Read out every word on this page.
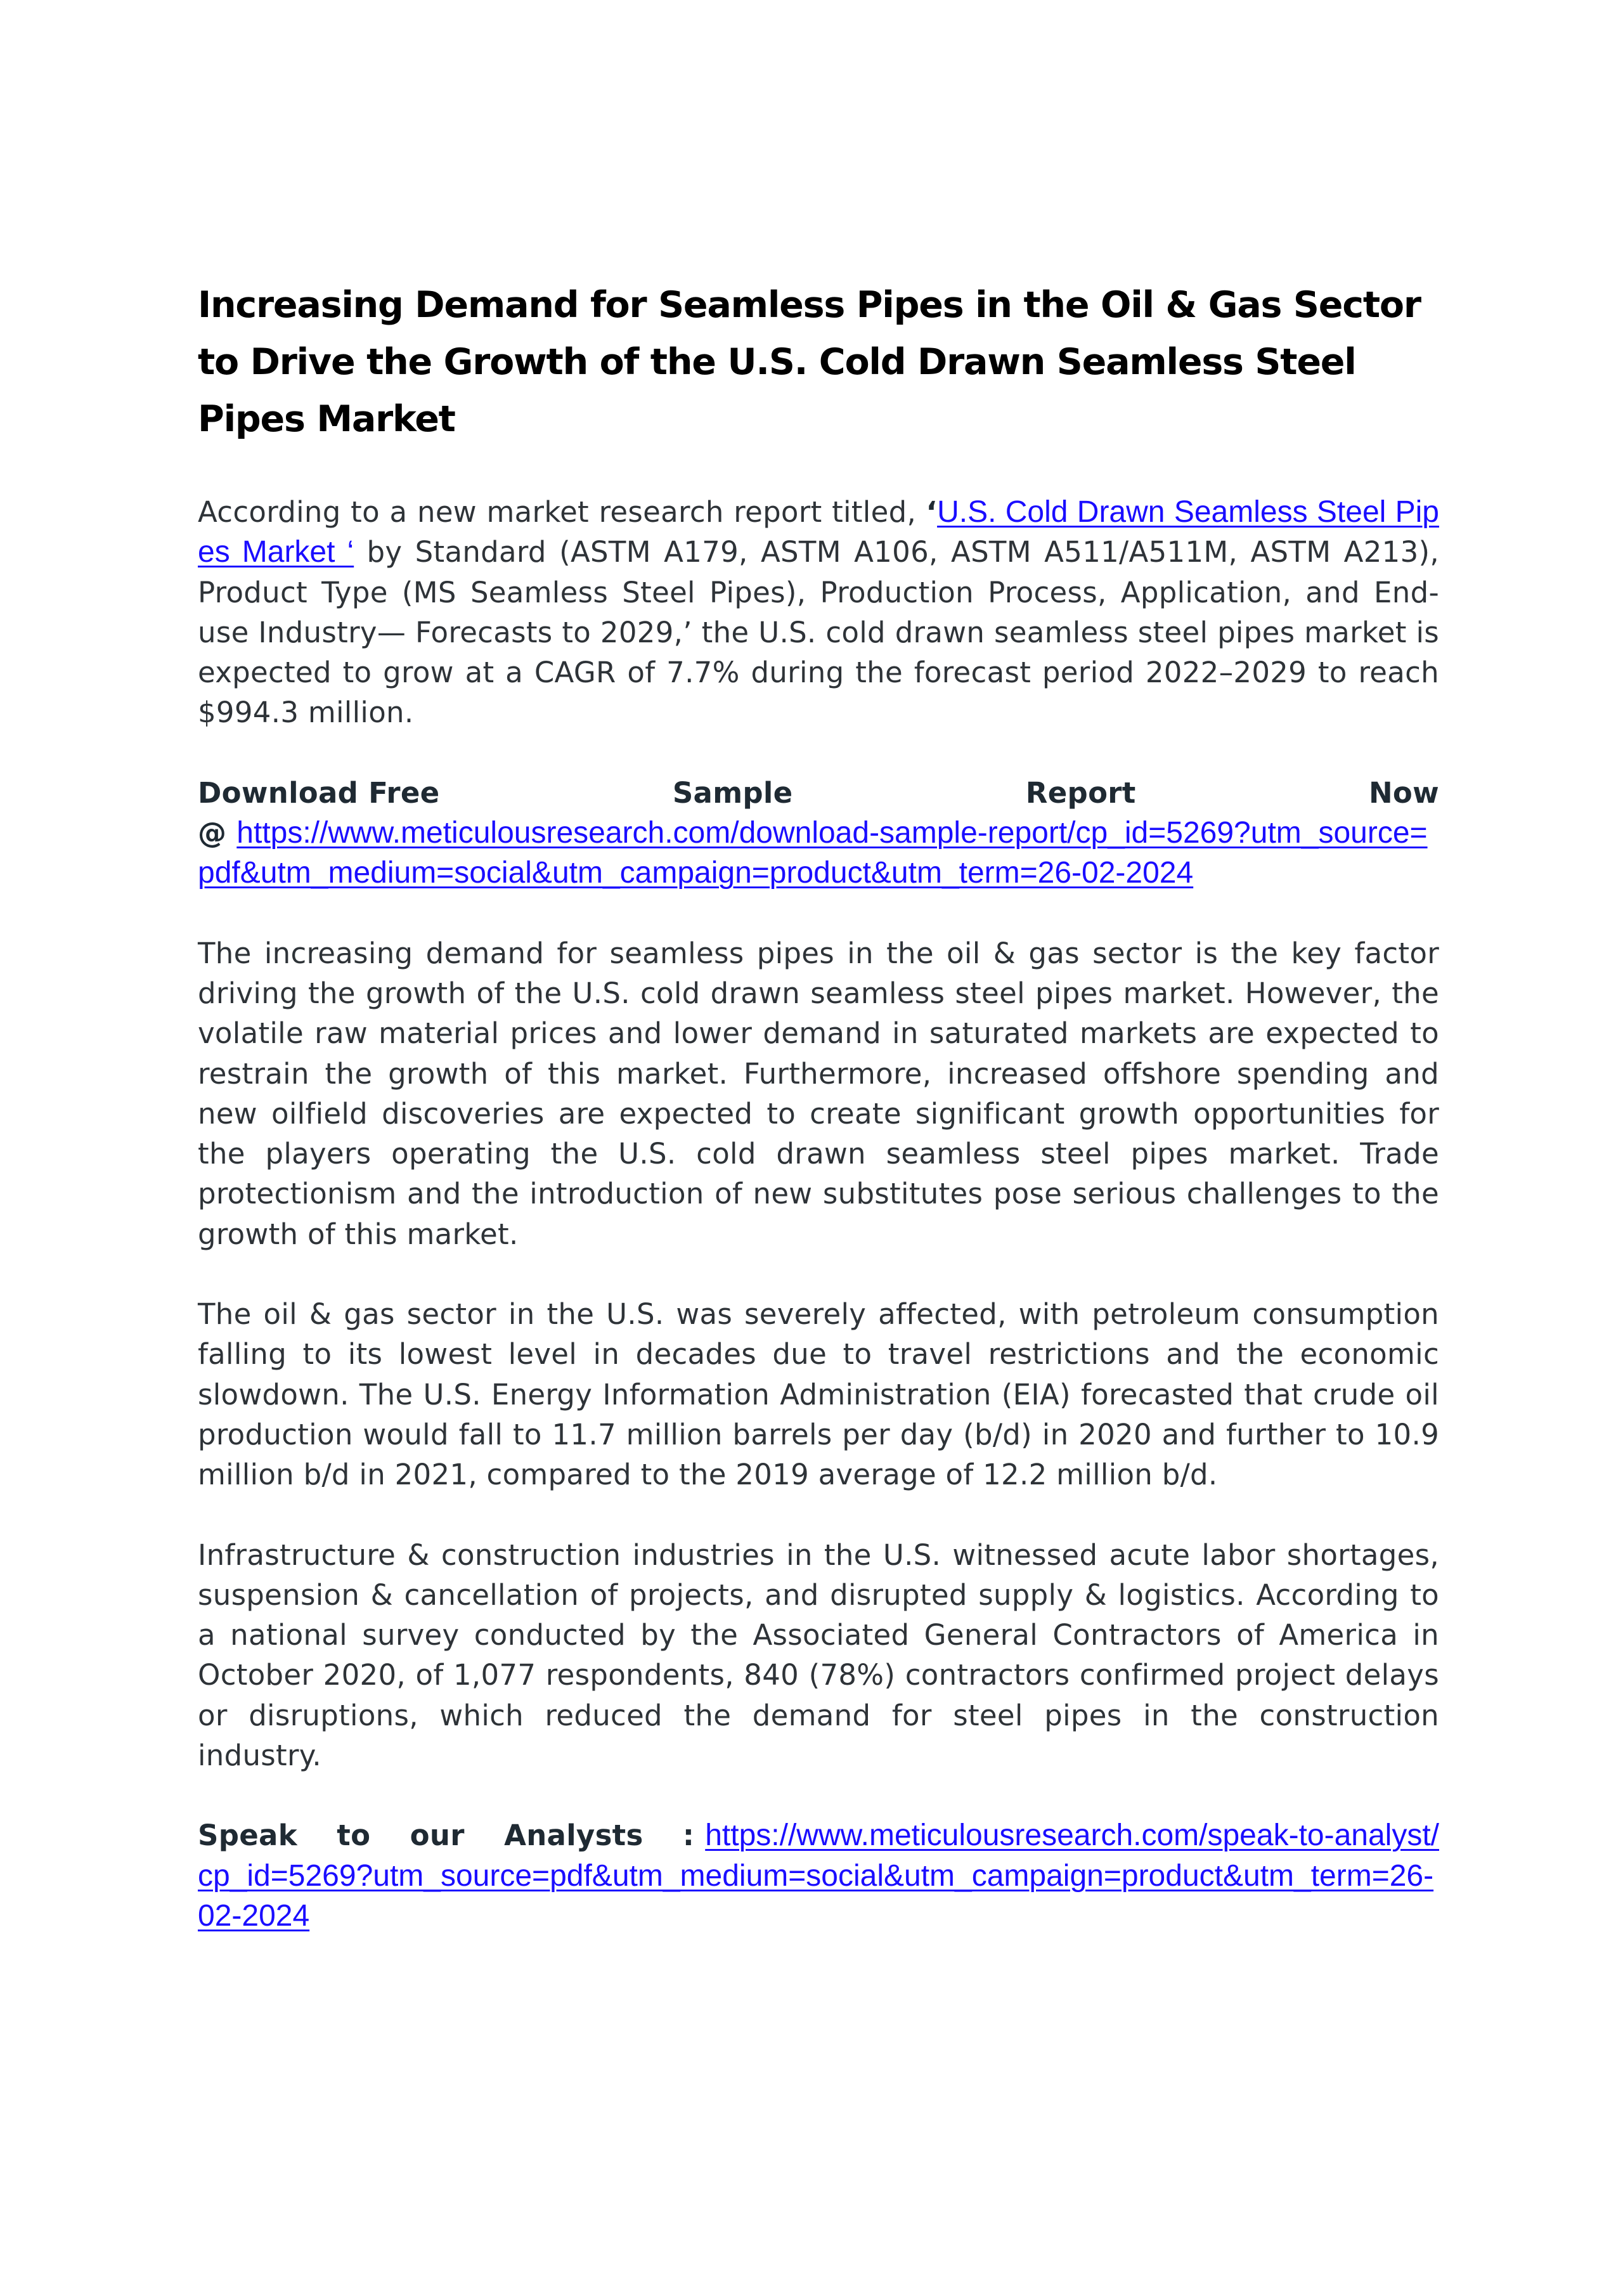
Increasing Demand for Seamless Pipes in the Oil & Gas Sector to Drive the Growth of the U.S. Cold Drawn Seamless Steel Pipes Market

According to a new market research report titled, ‘U.S. Cold Drawn Seamless Steel Pipes Market ‘ by Standard (ASTM A179, ASTM A106, ASTM A511/A511M, ASTM A213), Product Type (MS Seamless Steel Pipes), Production Process, Application, and End-use Industry— Forecasts to 2029,’ the U.S. cold drawn seamless steel pipes market is expected to grow at a CAGR of 7.7% during the forecast period 2022–2029 to reach $994.3 million.

Download Free	Sample	Report	Now
@ https://www.meticulousresearch.com/download-sample-report/cp_id=5269?utm_source=pdf&utm_medium=social&utm_campaign=product&utm_term=26-02-2024

The increasing demand for seamless pipes in the oil & gas sector is the key factor driving the growth of the U.S. cold drawn seamless steel pipes market. However, the volatile raw material prices and lower demand in saturated markets are expected to restrain the growth of this market. Furthermore, increased offshore spending and new oilfield discoveries are expected to create significant growth opportunities for the players operating the U.S. cold drawn seamless steel pipes market. Trade protectionism and the introduction of new substitutes pose serious challenges to the growth of this market.

The oil & gas sector in the U.S. was severely affected, with petroleum consumption falling to its lowest level in decades due to travel restrictions and the economic slowdown. The U.S. Energy Information Administration (EIA) forecasted that crude oil production would fall to 11.7 million barrels per day (b/d) in 2020 and further to 10.9 million b/d in 2021, compared to the 2019 average of 12.2 million b/d.

Infrastructure & construction industries in the U.S. witnessed acute labor shortages, suspension & cancellation of projects, and disrupted supply & logistics. According to a national survey conducted by the Associated General Contractors of America in October 2020, of 1,077 respondents, 840 (78%) contractors confirmed project delays or disruptions, which reduced the demand for steel pipes in the construction industry.

Speak to our Analysts : https://www.meticulousresearch.com/speak-to-analyst/cp_id=5269?utm_source=pdf&utm_medium=social&utm_campaign=product&utm_term=26-02-2024
